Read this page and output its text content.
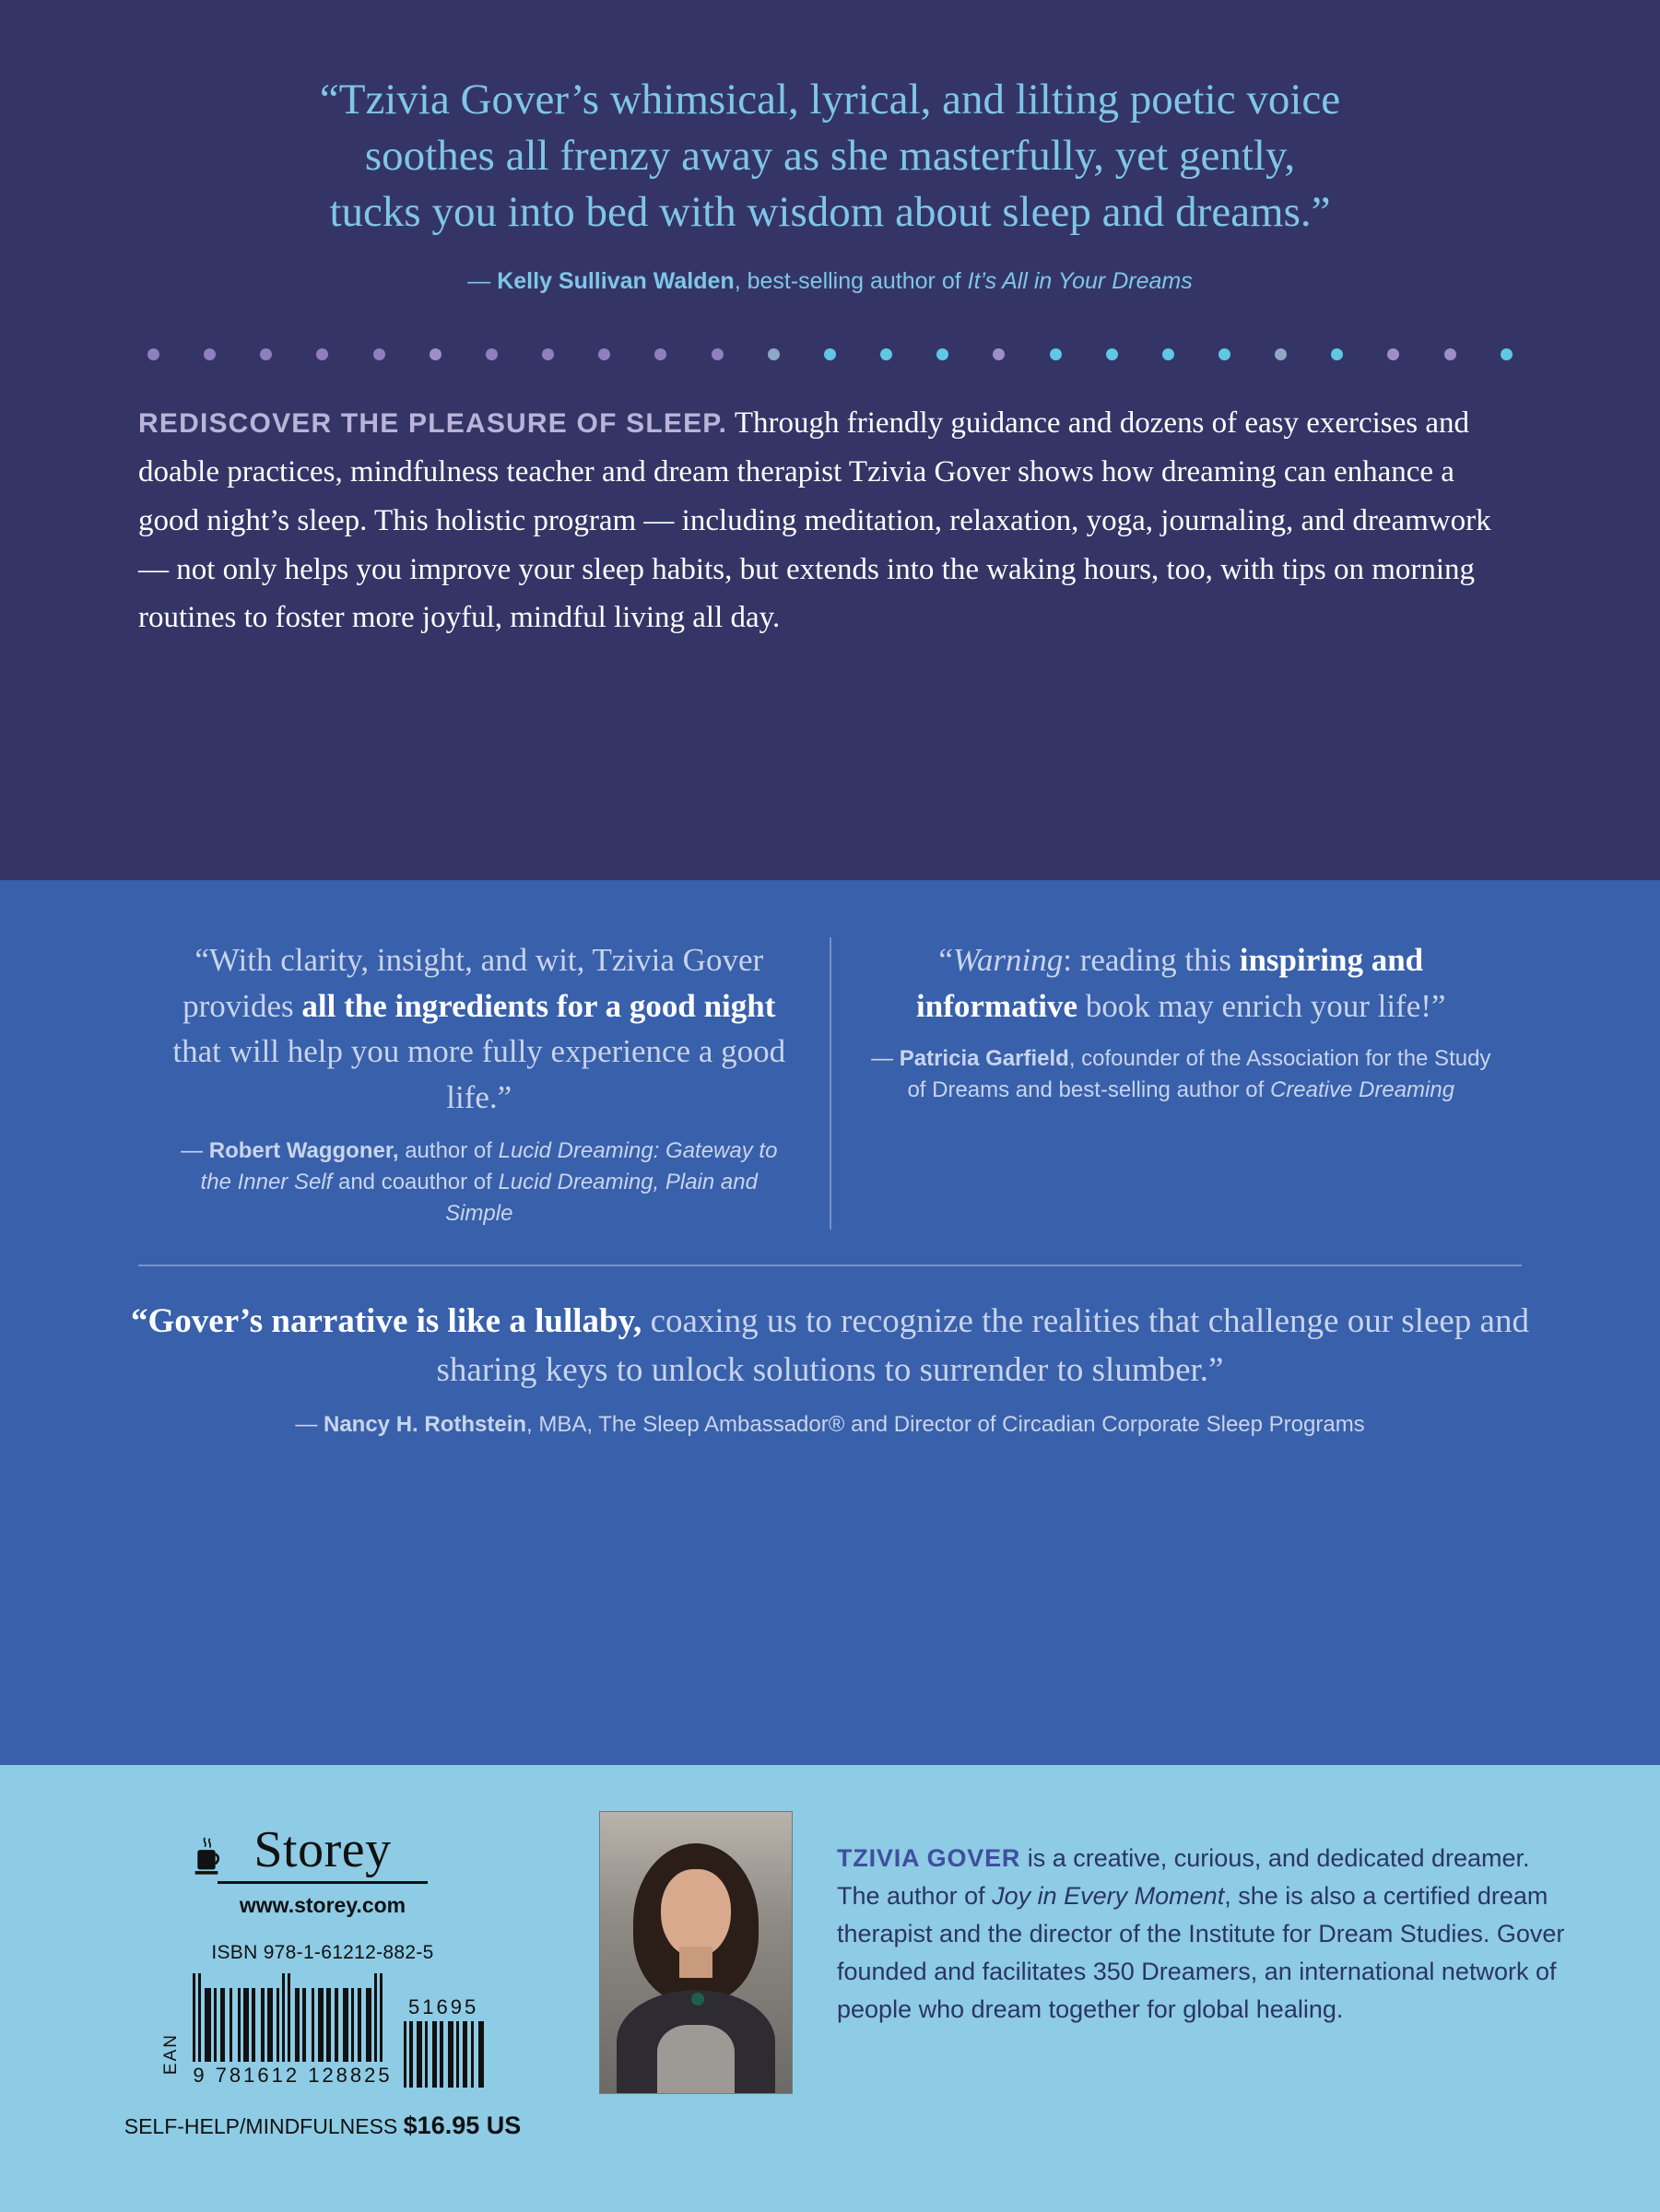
“Tzivia Gover’s whimsical, lyrical, and lilting poetic voice
soothes all frenzy away as she masterfully, yet gently,
tucks you into bed with wisdom about sleep and dreams.”
— Kelly Sullivan Walden, best-selling author of It’s All in Your Dreams

REDISCOVER THE PLEASURE OF SLEEP. Through friendly guidance and dozens of easy exercises and doable practices, mindfulness teacher and dream therapist Tzivia Gover shows how dreaming can enhance a good night’s sleep. This holistic program — including meditation, relaxation, yoga, journaling, and dreamwork — not only helps you improve your sleep habits, but extends into the waking hours, too, with tips on morning routines to foster more joyful, mindful living all day.

“With clarity, insight, and wit, Tzivia Gover provides all the ingredients for a good night that will help you more fully experience a good life.”
— Robert Waggoner, author of Lucid Dreaming: Gateway to the Inner Self and coauthor of Lucid Dreaming, Plain and Simple
“Warning: reading this inspiring and informative book may enrich your life!”
— Patricia Garfield, cofounder of the Association for the Study of Dreams and best-selling author of Creative Dreaming
“Gover’s narrative is like a lullaby, coaxing us to recognize the realities that challenge our sleep and sharing keys to unlock solutions to surrender to slumber.”
— Nancy H. Rothstein, MBA, The Sleep Ambassador® and Director of Circadian Corporate Sleep Programs
Storey
www.storey.com
ISBN 978-1-61212-882-5
EAN
9 781612 128825
51695
SELF-HELP/MINDFULNESS $16.95 US

TZIVIA GOVER is a creative, curious, and dedicated dreamer. The author of Joy in Every Moment, she is also a certified dream therapist and the director of the Institute for Dream Studies. Gover founded and facilitates 350 Dreamers, an international network of people who dream together for global healing.
